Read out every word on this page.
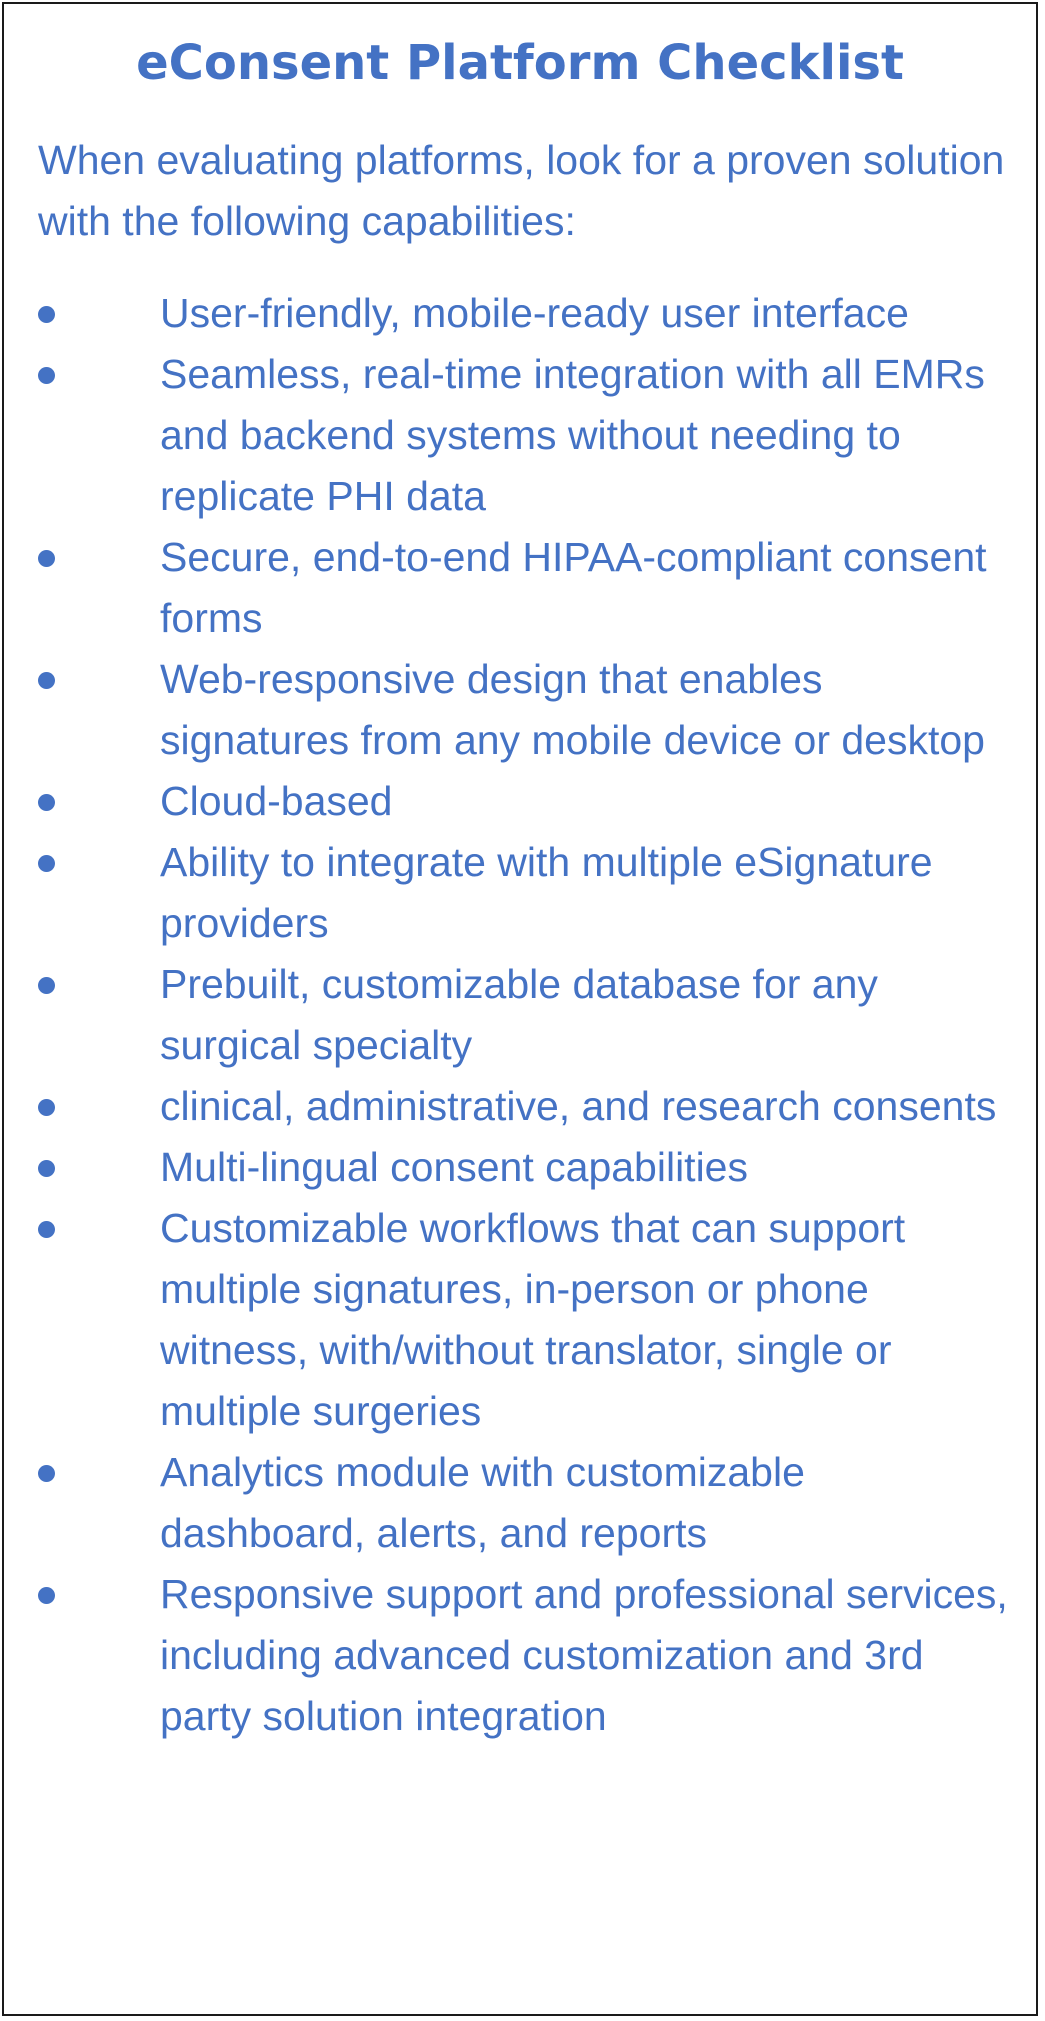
eConsent Platform Checklist
When evaluating platforms, look for a proven solution with the following capabilities:
User-friendly, mobile-ready user interface
Seamless, real-time integration with all EMRs and backend systems without needing to replicate PHI data
Secure, end-to-end HIPAA-compliant consent forms
Web-responsive design that enables signatures from any mobile device or desktop
Cloud-based
Ability to integrate with multiple eSignature providers
Prebuilt, customizable database for any surgical specialty
clinical, administrative, and research consents
Multi-lingual consent capabilities
Customizable workflows that can support multiple signatures, in-person or phone witness, with/without translator, single or multiple surgeries
Analytics module with customizable dashboard, alerts, and reports
Responsive support and professional services, including advanced customization and 3rd party solution integration
